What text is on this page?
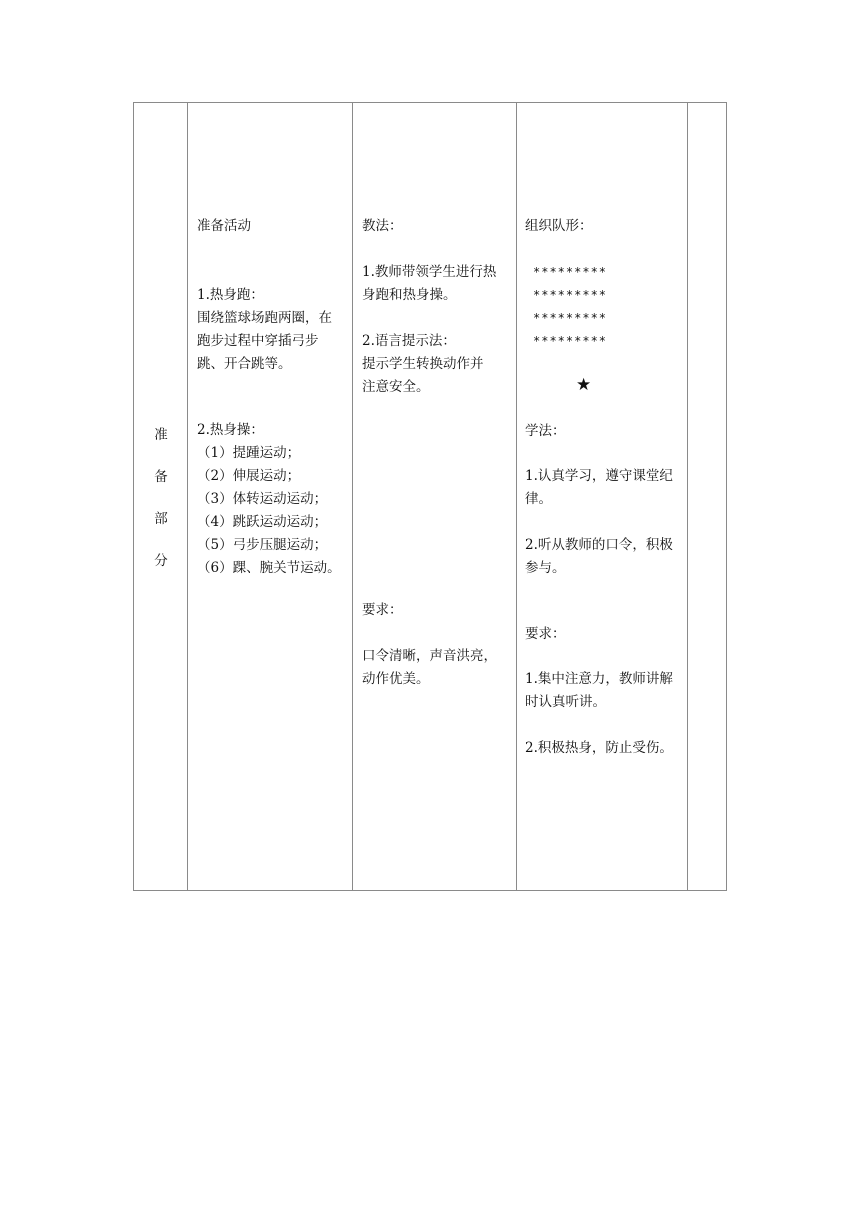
准
备
部
分
准备活动
1.热身跑：
围绕篮球场跑两圈，在
跑步过程中穿插弓步
跳、开合跳等。
2.热身操：
（1）提踵运动；
（2）伸展运动；
（3）体转运动运动；
（4）跳跃运动运动；
（5）弓步压腿运动；
（6）踝、腕关节运动。
教法：
1.教师带领学生进行热
身跑和热身操。
2.语言提示法：
提示学生转换动作并
注意安全。
要求：
口令清晰，声音洪亮，
动作优美。
组织队形：
*********
*********
*********
*********
★
学法：
1.认真学习，遵守课堂纪
律。
2.听从教师的口令，积极
参与。
要求：
1.集中注意力，教师讲解
时认真听讲。
2.积极热身，防止受伤。
